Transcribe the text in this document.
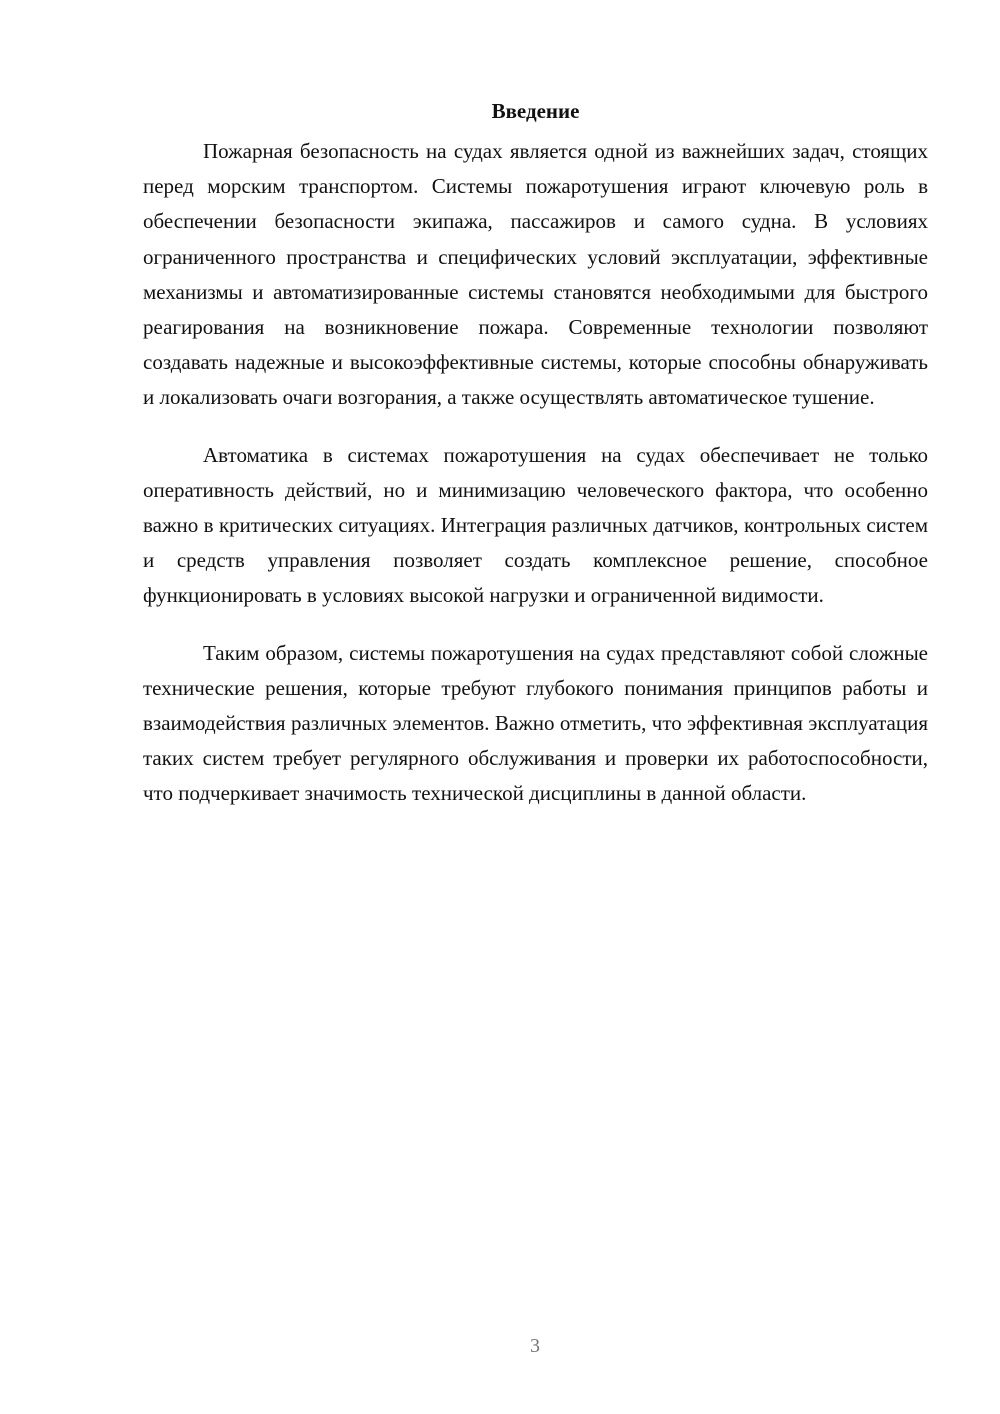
Введение

Пожарная безопасность на судах является одной из важнейших задач, стоящих перед морским транспортом. Системы пожаротушения играют ключевую роль в обеспечении безопасности экипажа, пассажиров и самого судна. В условиях ограниченного пространства и специфических условий эксплуатации, эффективные механизмы и автоматизированные системы становятся необходимыми для быстрого реагирования на возникновение пожара. Современные технологии позволяют создавать надежные и высокоэффективные системы, которые способны обнаруживать и локализовать очаги возгорания, а также осуществлять автоматическое тушение.

Автоматика в системах пожаротушения на судах обеспечивает не только оперативность действий, но и минимизацию человеческого фактора, что особенно важно в критических ситуациях. Интеграция различных датчиков, контрольных систем и средств управления позволяет создать комплексное решение, способное функционировать в условиях высокой нагрузки и ограниченной видимости.

Таким образом, системы пожаротушения на судах представляют собой сложные технические решения, которые требуют глубокого понимания принципов работы и взаимодействия различных элементов. Важно отметить, что эффективная эксплуатация таких систем требует регулярного обслуживания и проверки их работоспособности, что подчеркивает значимость технической дисциплины в данной области.

3
